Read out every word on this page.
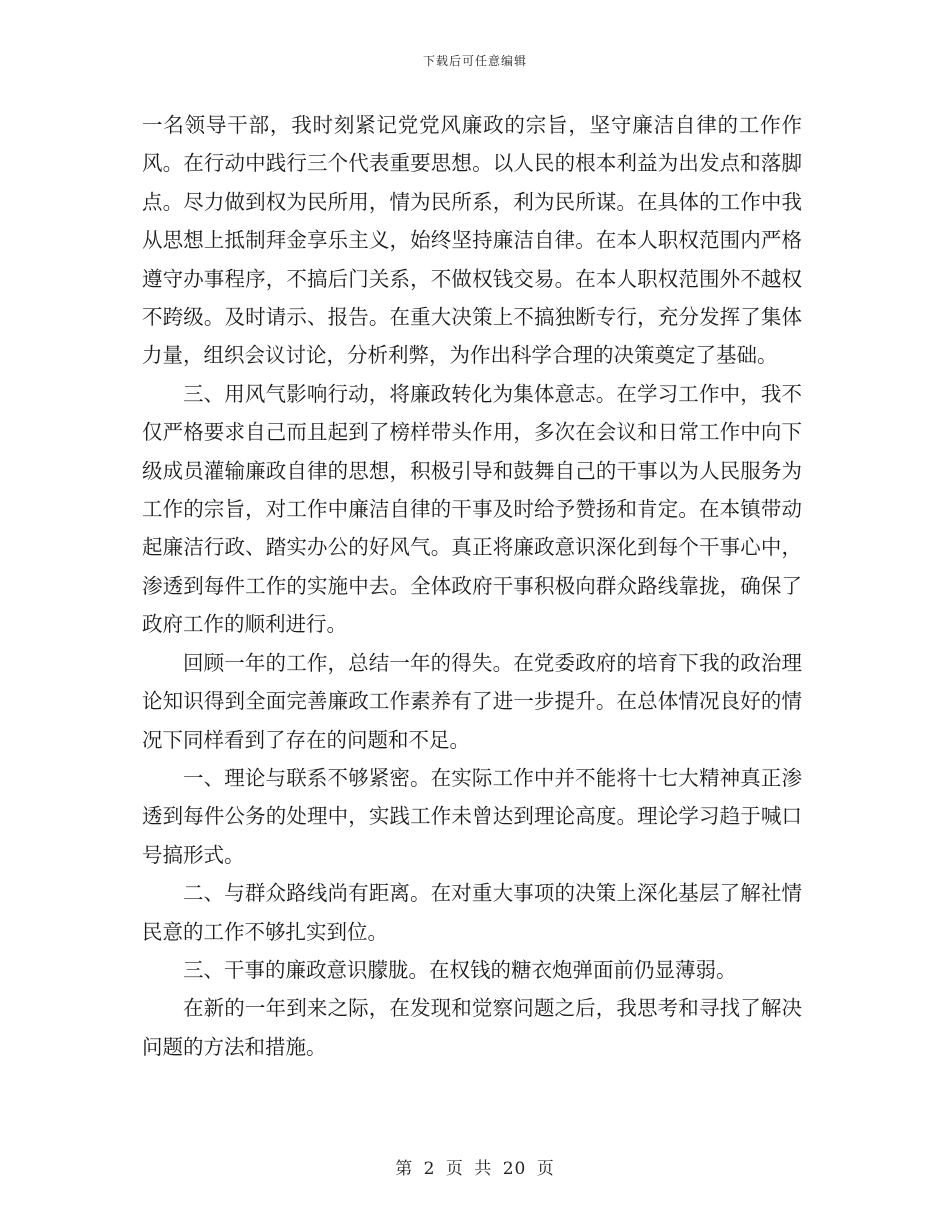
下载后可任意编辑

一名领导干部，我时刻紧记党党风廉政的宗旨，坚守廉洁自律的工作作风。在行动中践行三个代表重要思想。以人民的根本利益为出发点和落脚点。尽力做到权为民所用，情为民所系，利为民所谋。在具体的工作中我从思想上抵制拜金享乐主义，始终坚持廉洁自律。在本人职权范围内严格遵守办事程序，不搞后门关系，不做权钱交易。在本人职权范围外不越权不跨级。及时请示、报告。在重大决策上不搞独断专行，充分发挥了集体力量，组织会议讨论，分析利弊，为作出科学合理的决策奠定了基础。

三、用风气影响行动，将廉政转化为集体意志。在学习工作中，我不仅严格要求自己而且起到了榜样带头作用，多次在会议和日常工作中向下级成员灌输廉政自律的思想，积极引导和鼓舞自己的干事以为人民服务为工作的宗旨，对工作中廉洁自律的干事及时给予赞扬和肯定。在本镇带动起廉洁行政、踏实办公的好风气。真正将廉政意识深化到每个干事心中，渗透到每件工作的实施中去。全体政府干事积极向群众路线靠拢，确保了政府工作的顺利进行。

回顾一年的工作，总结一年的得失。在党委政府的培育下我的政治理论知识得到全面完善廉政工作素养有了进一步提升。在总体情况良好的情况下同样看到了存在的问题和不足。

一、理论与联系不够紧密。在实际工作中并不能将十七大精神真正渗透到每件公务的处理中，实践工作未曾达到理论高度。理论学习趋于喊口号搞形式。

二、与群众路线尚有距离。在对重大事项的决策上深化基层了解社情民意的工作不够扎实到位。

三、干事的廉政意识朦胧。在权钱的糖衣炮弹面前仍显薄弱。

在新的一年到来之际，在发现和觉察问题之后，我思考和寻找了解决问题的方法和措施。

第 2 页 共 20 页
